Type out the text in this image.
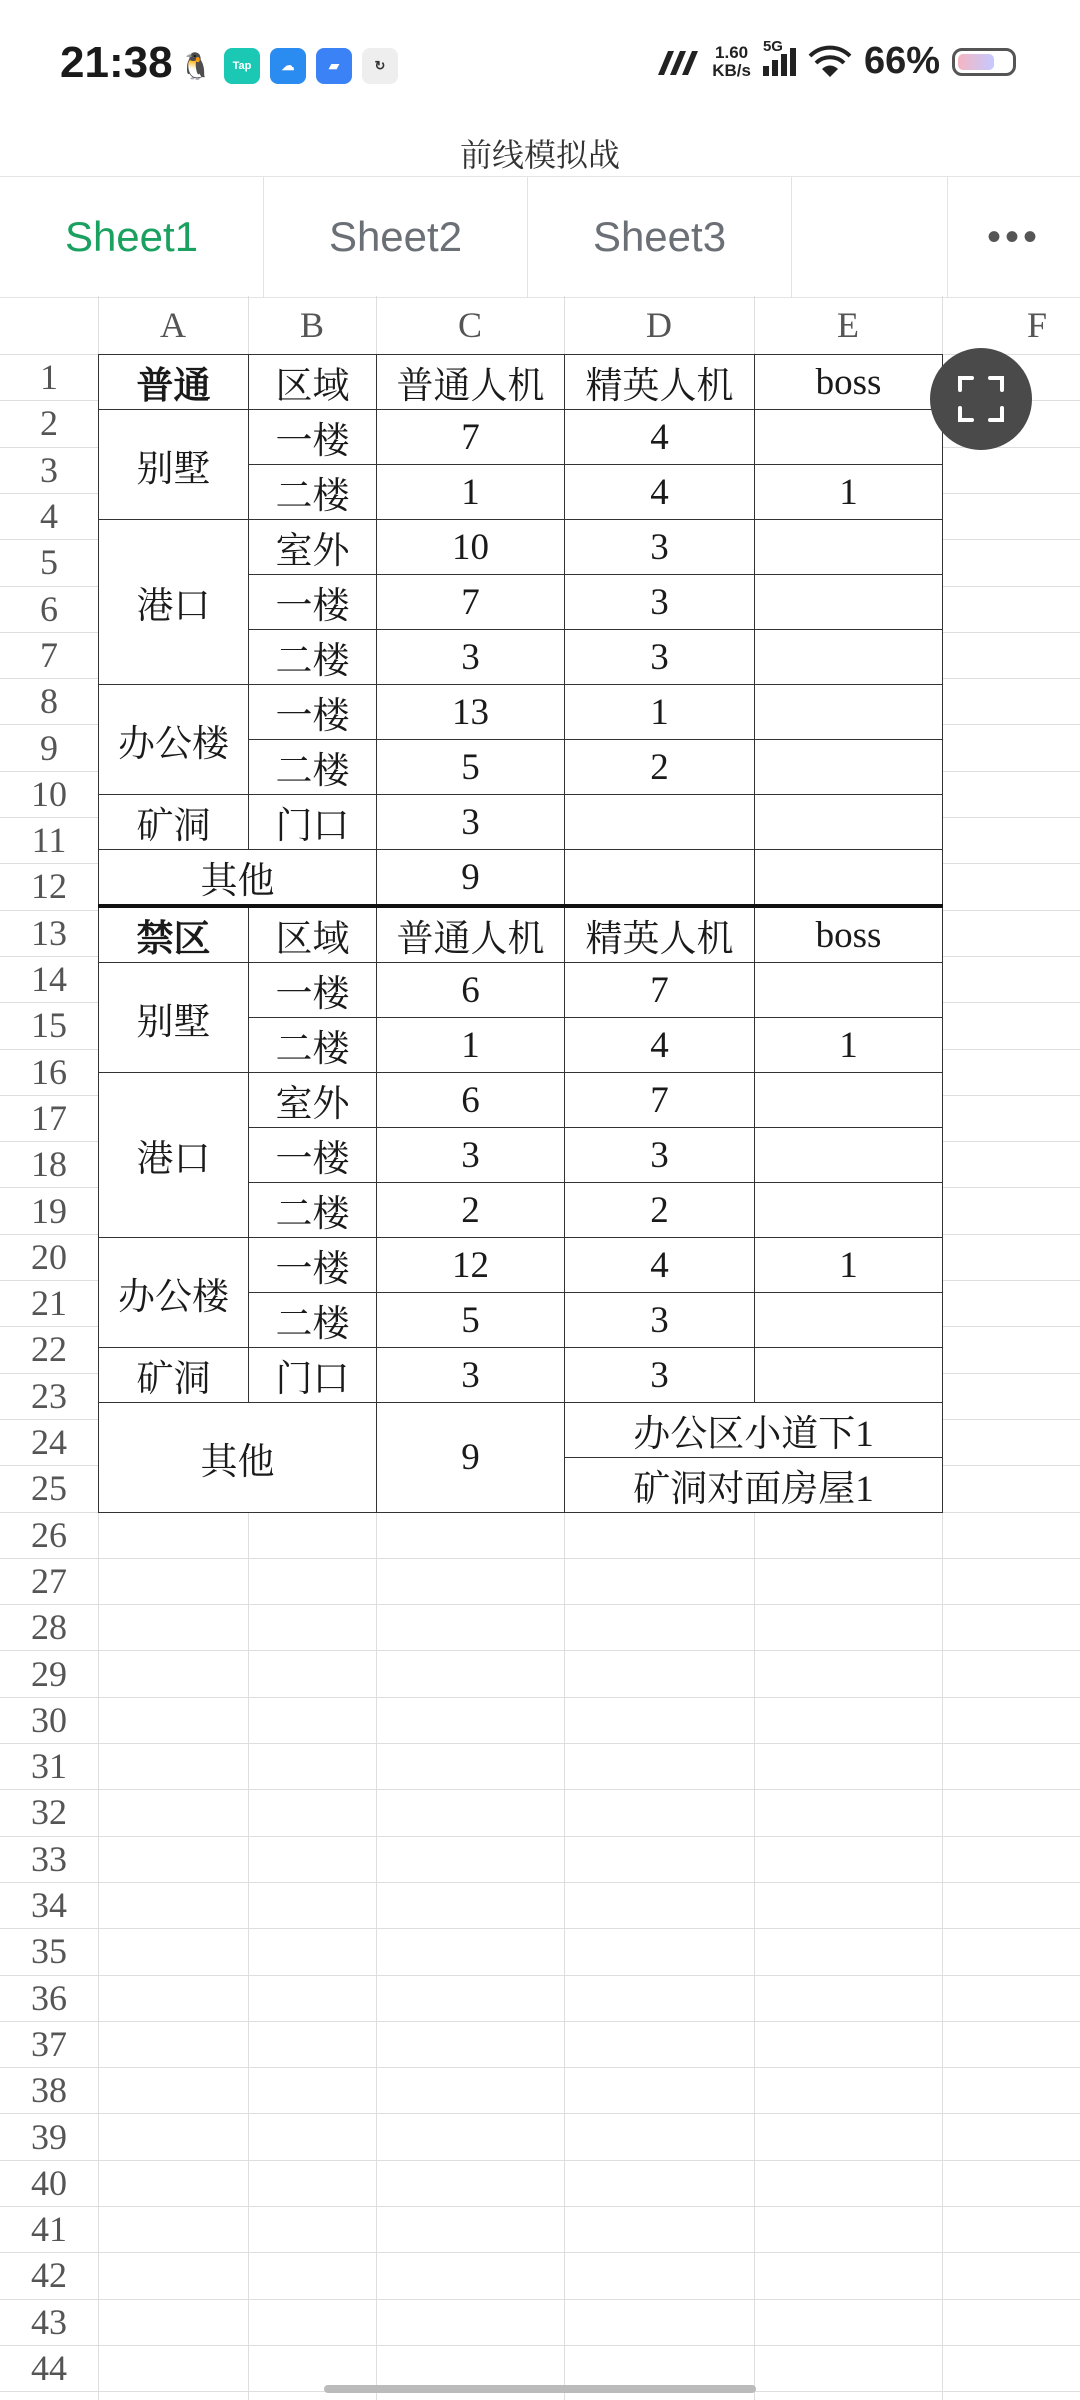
21:38 🐧	Tap	☁	▰	↻
1.60
KB/s
5G 66%
前线模拟战
Sheet1	Sheet2	Sheet3	•••
A	B	C	D	E	F
1
2
3
4
5
6
7
8
9
10
11
12
13
14
15
16
17
18
19
20
21
22
23
24
25
26
27
28
29
30
31
32
33
34
35
36
37
38
39
40
41
42
43
44
普通	区域	普通人机	精英人机	boss
别墅	一楼	7	4	
	二楼	1	4	1
港口	室外	10	3	
	一楼	7	3	
	二楼	3	3	
办公楼	一楼	13	1	
	二楼	5	2	
矿洞	门口	3		
其他		9		
禁区	区域	普通人机	精英人机	boss
别墅	一楼	6	7	
	二楼	1	4	1
港口	室外	6	7	
	一楼	3	3	
	二楼	2	2	
办公楼	一楼	12	4	1
	二楼	5	3	
矿洞	门口	3	3	
其他		9	办公区小道下1	
			矿洞对面房屋1	
